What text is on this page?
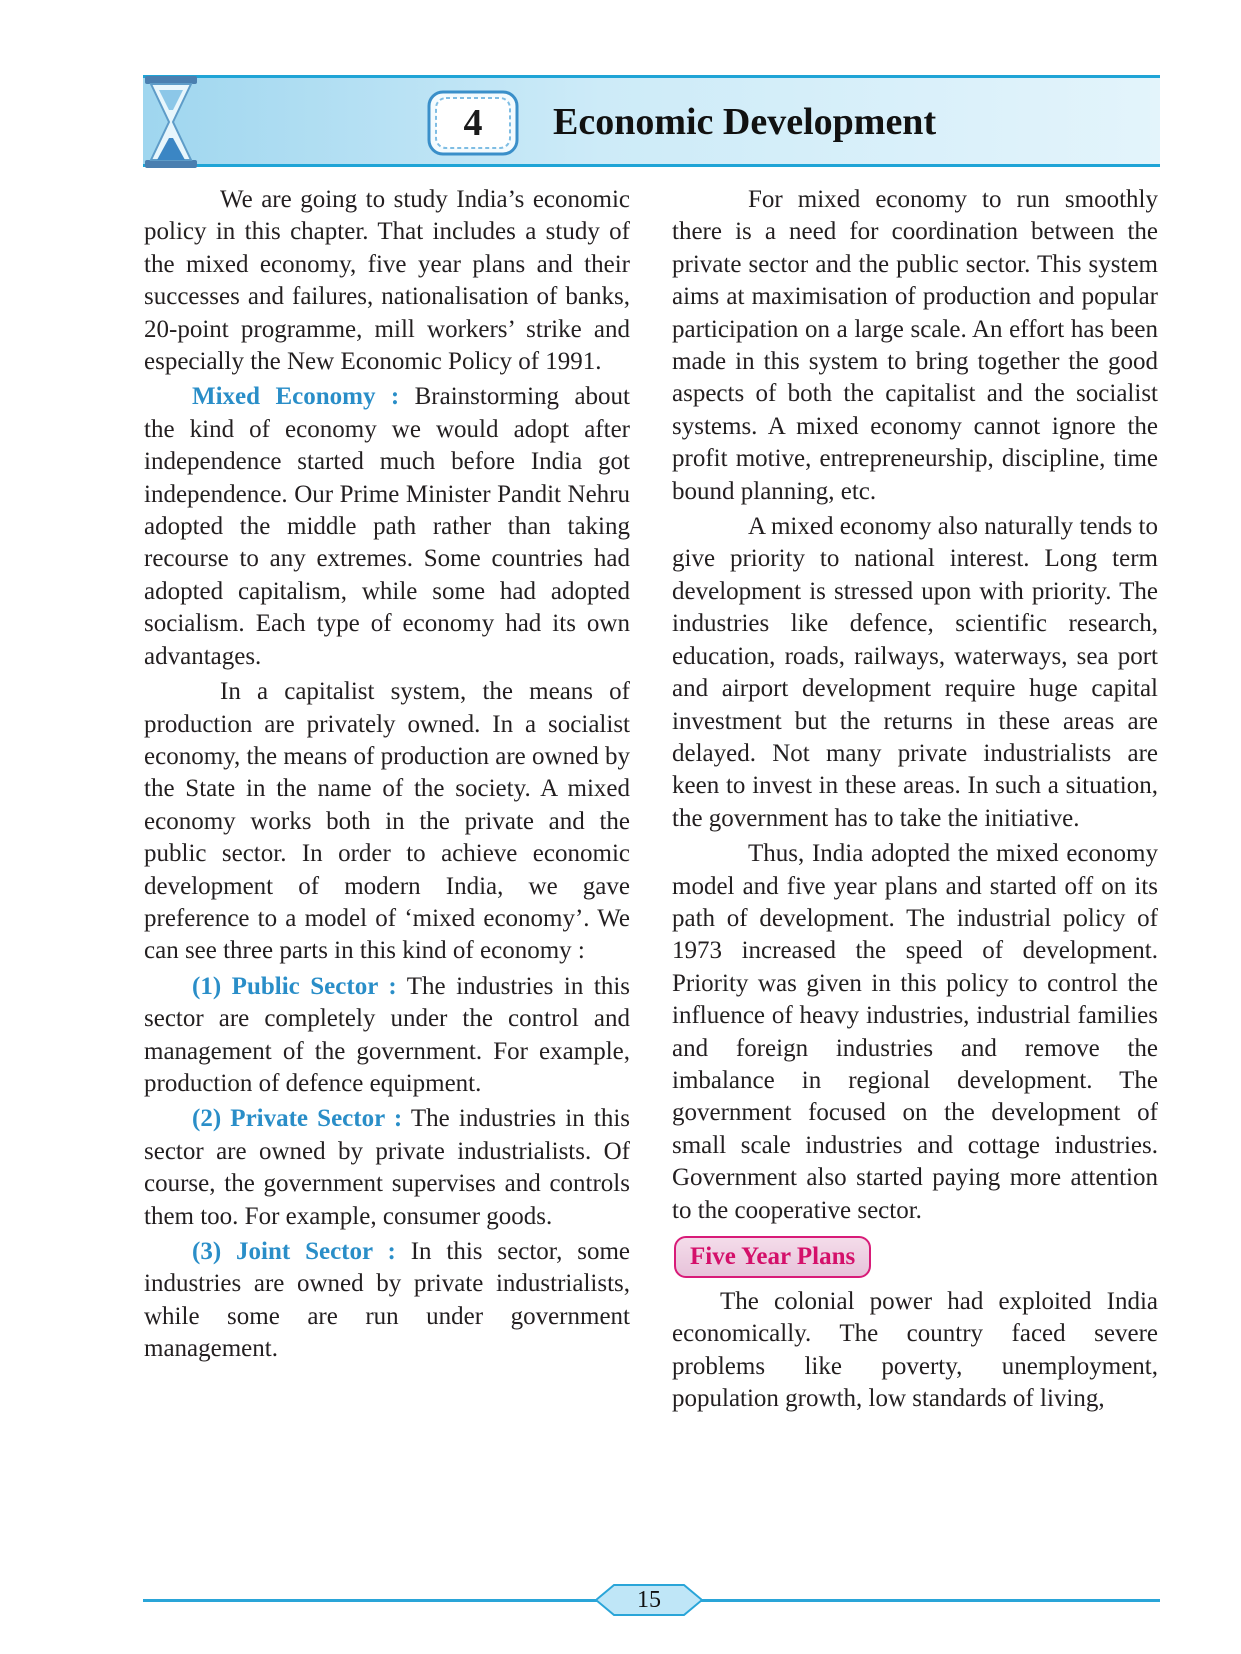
4	Economic Development

We are going to study India’s economic policy in this chapter. That includes a study of the mixed economy, five year plans and their successes and failures, nationalisation of banks, 20-point programme, mill workers’ strike and especially the New Economic Policy of 1991.

Mixed Economy : Brainstorming about the kind of economy we would adopt after independence started much before India got independence. Our Prime Minister Pandit Nehru adopted the middle path rather than taking recourse to any extremes. Some countries had adopted capitalism, while some had adopted socialism. Each type of economy had its own advantages.

In a capitalist system, the means of production are privately owned. In a socialist economy, the means of production are owned by the State in the name of the society. A mixed economy works both in the private and the public sector. In order to achieve economic development of modern India, we gave preference to a model of ‘mixed economy’. We can see three parts in this kind of economy :

(1) Public Sector : The industries in this sector are completely under the control and management of the government. For example, production of defence equipment.

(2) Private Sector : The industries in this sector are owned by private industrialists. Of course, the government supervises and controls them too. For example, consumer goods.

(3) Joint Sector : In this sector, some industries are owned by private industrialists, while some are run under government management.

For mixed economy to run smoothly there is a need for coordination between the private sector and the public sector. This system aims at maximisation of production and popular participation on a large scale. An effort has been made in this system to bring together the good aspects of both the capitalist and the socialist systems. A mixed economy cannot ignore the profit motive, entrepreneurship, discipline, time bound planning, etc.

A mixed economy also naturally tends to give priority to national interest. Long term development is stressed upon with priority. The industries like defence, scientific research, education, roads, railways, waterways, sea port and airport development require huge capital investment but the returns in these areas are delayed. Not many private industrialists are keen to invest in these areas. In such a situation, the government has to take the initiative.

Thus, India adopted the mixed economy model and five year plans and started off on its path of development. The industrial policy of 1973 increased the speed of development. Priority was given in this policy to control the influence of heavy industries, industrial families and foreign industries and remove the imbalance in regional development. The government focused on the development of small scale industries and cottage industries. Government also started paying more attention to the cooperative sector.

Five Year Plans

The colonial power had exploited India economically. The country faced severe problems like poverty, unemployment, population growth, low standards of living,

15
